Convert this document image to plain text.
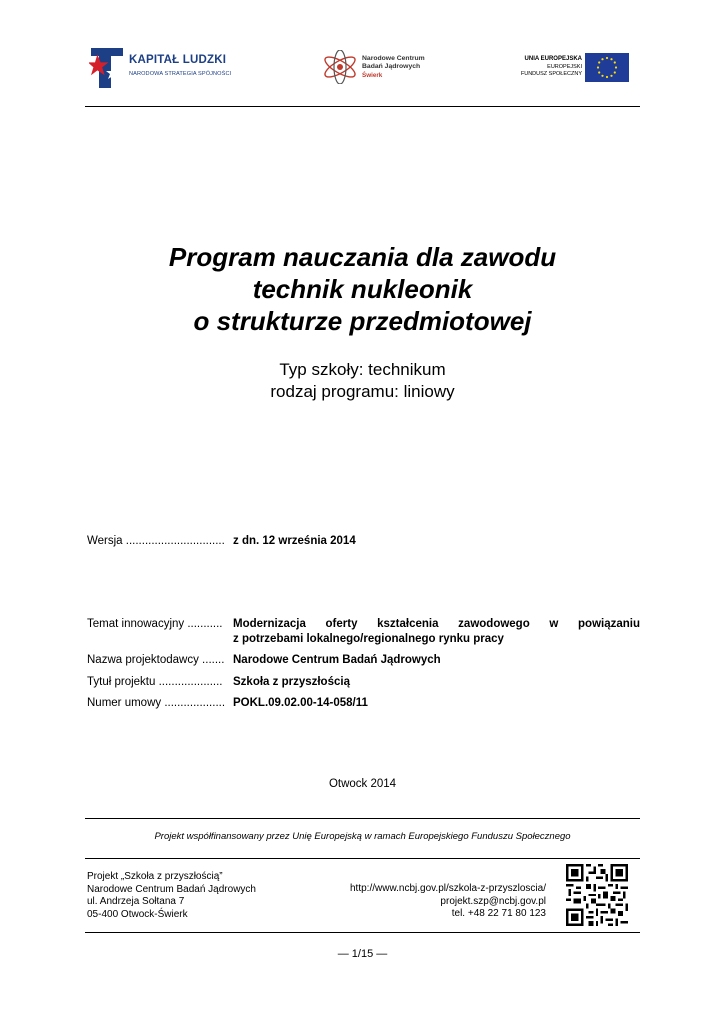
KAPITAŁ LUDZKI
NARODOWA STRATEGIA SPÓJNOŚCI
Narodowe Centrum
Badań Jądrowych
Świerk
UNIA EUROPEJSKA
EUROPEJSKI
FUNDUSZ SPOŁECZNY
Program nauczania dla zawodu
technik nukleonik
o strukturze przedmiotowej
Typ szkoły: technikum
rodzaj programu: liniowy
Wersja ............................... z dn. 12 września 2014
Temat innowacyjny ........... Modernizacja oferty kształcenia zawodowego w powiązaniu
z potrzebami lokalnego/regionalnego rynku pracy
Nazwa projektodawcy ....... Narodowe Centrum Badań Jądrowych
Tytuł projektu .................... Szkoła z przyszłością
Numer umowy ................... POKL.09.02.00-14-058/11
Otwock 2014
Projekt współfinansowany przez Unię Europejską w ramach Europejskiego Funduszu Społecznego
Projekt „Szkoła z przyszłością”
Narodowe Centrum Badań Jądrowych
ul. Andrzeja Sołtana 7
05-400 Otwock-Świerk
http://www.ncbj.gov.pl/szkola-z-przyszloscia/
projekt.szp@ncbj.gov.pl
tel. +48 22 71 80 123
— 1/15 —
